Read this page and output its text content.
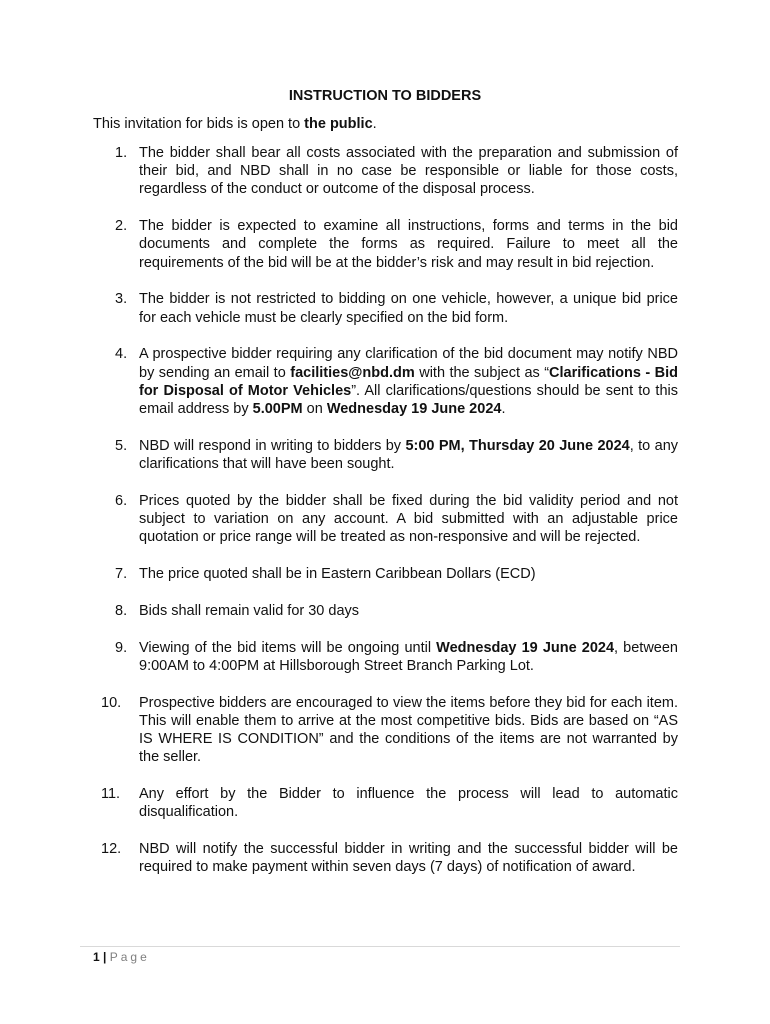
INSTRUCTION TO BIDDERS
This invitation for bids is open to the public.
1. The bidder shall bear all costs associated with the preparation and submission of their bid, and NBD shall in no case be responsible or liable for those costs, regardless of the conduct or outcome of the disposal process.
2. The bidder is expected to examine all instructions, forms and terms in the bid documents and complete the forms as required. Failure to meet all the requirements of the bid will be at the bidder’s risk and may result in bid rejection.
3. The bidder is not restricted to bidding on one vehicle, however, a unique bid price for each vehicle must be clearly specified on the bid form.
4. A prospective bidder requiring any clarification of the bid document may notify NBD by sending an email to facilities@nbd.dm with the subject as “Clarifications - Bid for Disposal of Motor Vehicles”. All clarifications/questions should be sent to this email address by 5.00PM on Wednesday 19 June 2024.
5. NBD will respond in writing to bidders by 5:00 PM, Thursday 20 June 2024, to any clarifications that will have been sought.
6. Prices quoted by the bidder shall be fixed during the bid validity period and not subject to variation on any account. A bid submitted with an adjustable price quotation or price range will be treated as non-responsive and will be rejected.
7. The price quoted shall be in Eastern Caribbean Dollars (ECD)
8. Bids shall remain valid for 30 days
9. Viewing of the bid items will be ongoing until Wednesday 19 June 2024, between 9:00AM to 4:00PM at Hillsborough Street Branch Parking Lot.
10. Prospective bidders are encouraged to view the items before they bid for each item. This will enable them to arrive at the most competitive bids. Bids are based on “AS IS WHERE IS CONDITION” and the conditions of the items are not warranted by the seller.
11. Any effort by the Bidder to influence the process will lead to automatic disqualification.
12. NBD will notify the successful bidder in writing and the successful bidder will be required to make payment within seven days (7 days) of notification of award.
1 | Page
